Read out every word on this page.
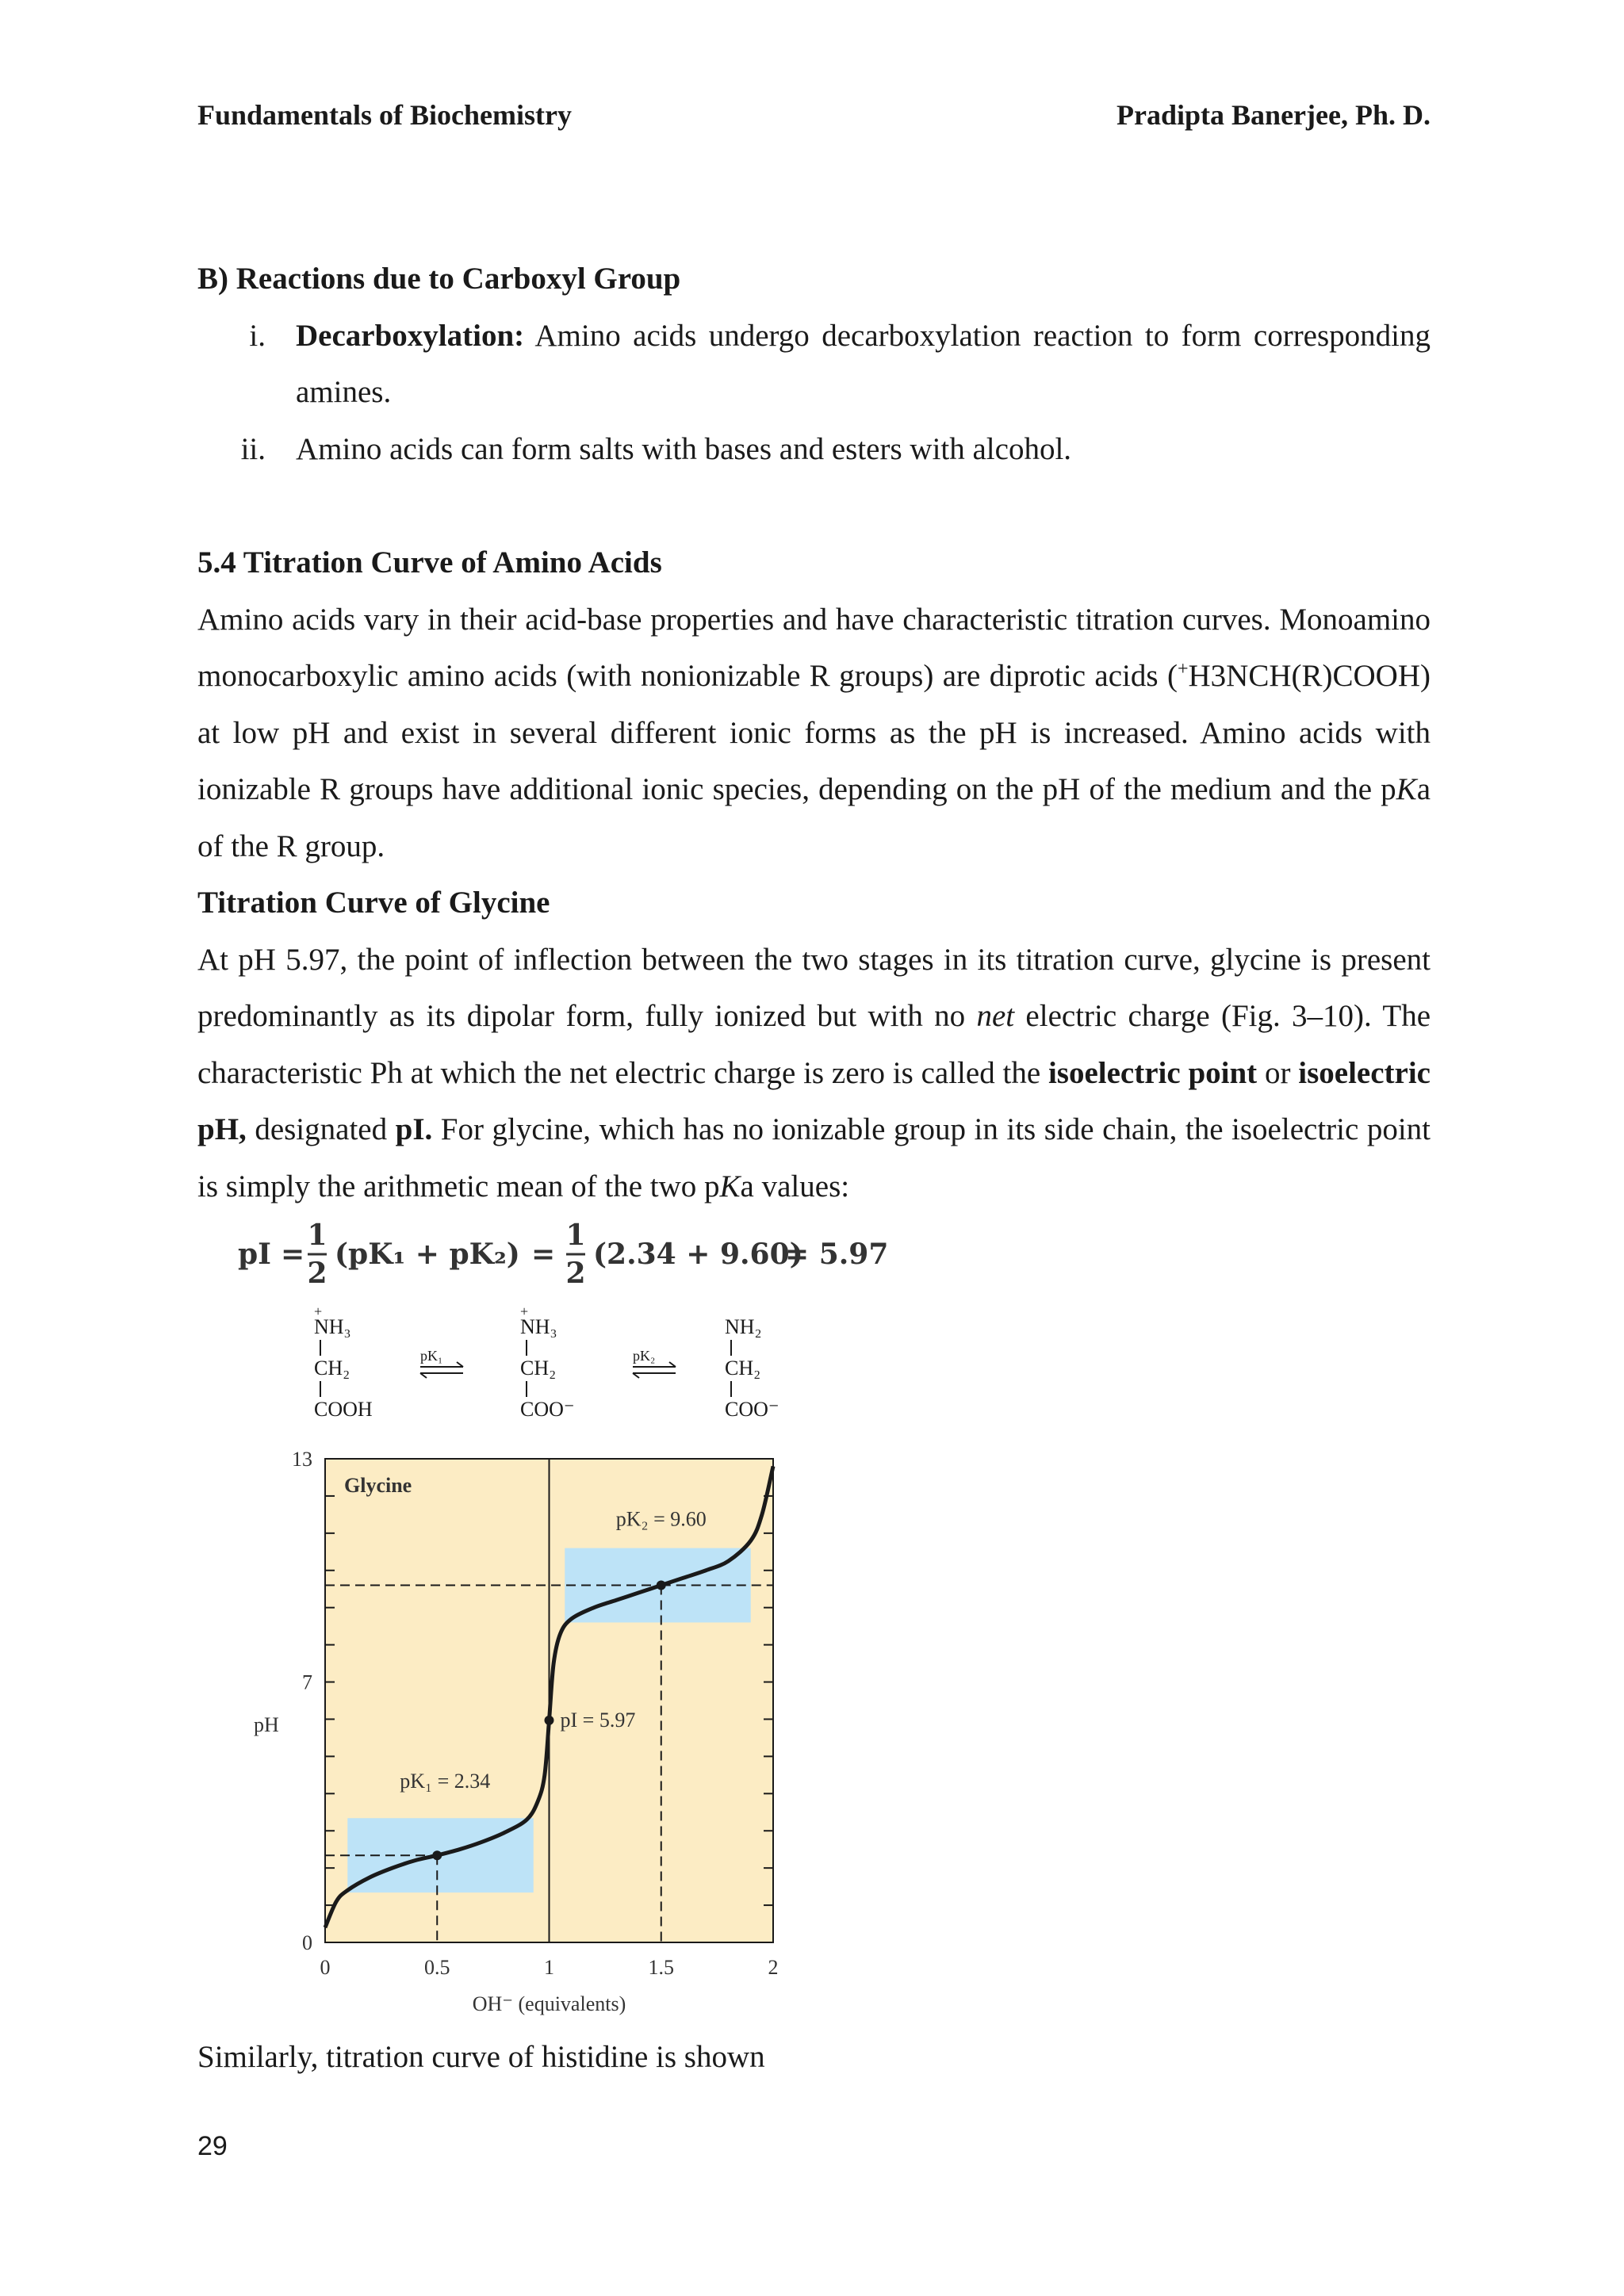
Fundamentals of Biochemistry	Pradipta Banerjee, Ph. D.

B) Reactions due to Carboxyl Group

i. Decarboxylation: Amino acids undergo decarboxylation reaction to form corresponding amines.
ii. Amino acids can form salts with bases and esters with alcohol.

5.4 Titration Curve of Amino Acids

Amino acids vary in their acid-base properties and have characteristic titration curves. Monoamino monocarboxylic amino acids (with nonionizable R groups) are diprotic acids (+H3NCH(R)COOH) at low pH and exist in several different ionic forms as the pH is increased. Amino acids with ionizable R groups have additional ionic species, depending on the pH of the medium and the pKa of the R group.

Titration Curve of Glycine

At pH 5.97, the point of inflection between the two stages in its titration curve, glycine is present predominantly as its dipolar form, fully ionized but with no net electric charge (Fig. 3–10). The characteristic Ph at which the net electric charge is zero is called the isoelectric point or isoelectric pH, designated pI. For glycine, which has no ionizable group in its side chain, the isoelectric point is simply the arithmetic mean of the two pKa values:

pI =
1
2
(pK₁ + pK₂) =
1
2
(2.34 + 9.60)
= 5.97
+
NH₃
CH₂
COOH
pK₁
+
NH₃
CH₂
COO⁻
pK₂
NH₂
CH₂
COO⁻
Glycine
pK₁ = 2.34
pI = 5.97
pK₂ = 9.60
0
7
13
0	0.5	1	1.5	2
pH
OH⁻ (equivalents)
Similarly, titration curve of histidine is shown
29
